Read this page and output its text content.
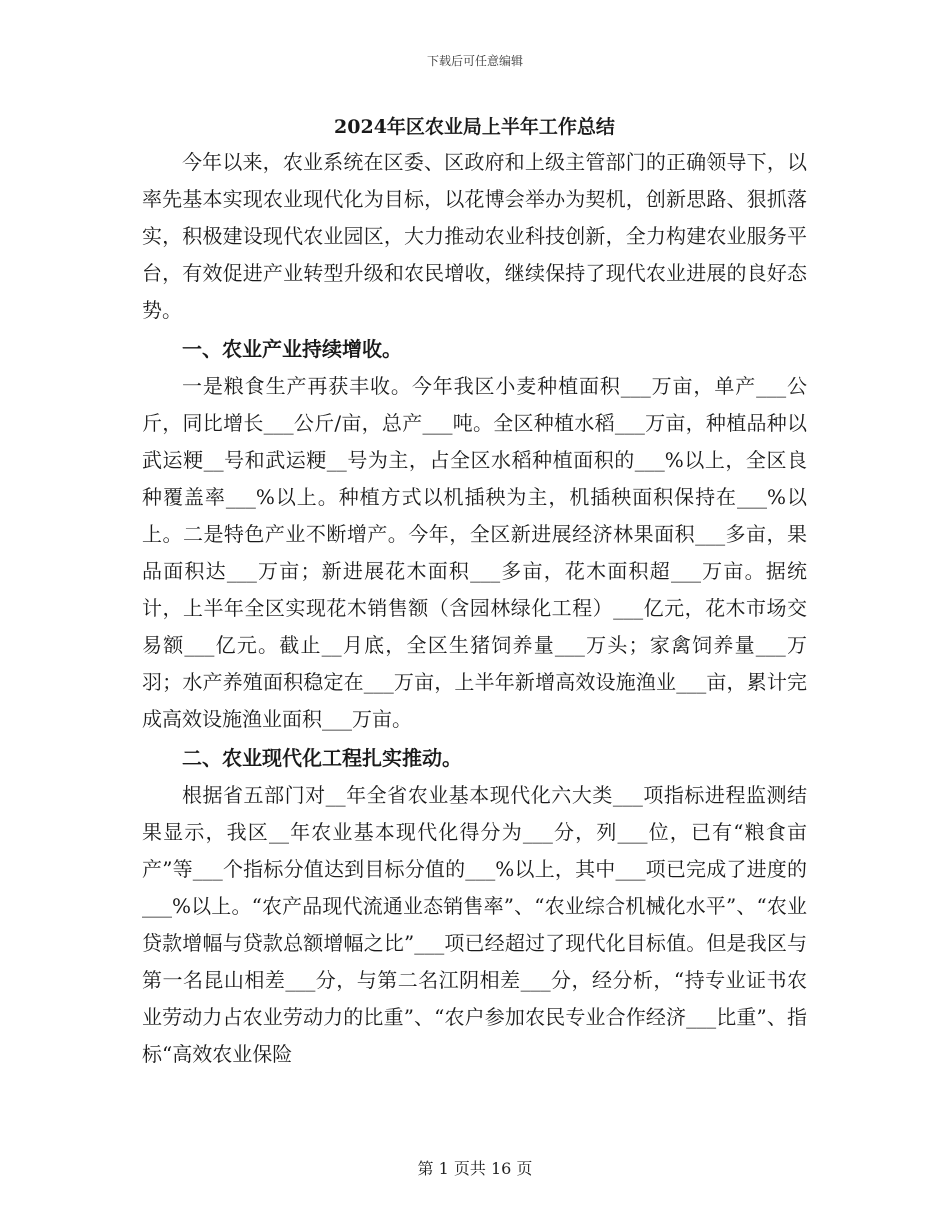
下载后可任意编辑
2024年区农业局上半年工作总结

今年以来，农业系统在区委、区政府和上级主管部门的正确领导下，以率先基本实现农业现代化为目标，以花博会举办为契机，创新思路、狠抓落实，积极建设现代农业园区，大力推动农业科技创新，全力构建农业服务平台，有效促进产业转型升级和农民增收，继续保持了现代农业进展的良好态势。

一、农业产业持续增收。

一是粮食生产再获丰收。今年我区小麦种植面积___万亩，单产___公斤，同比增长___公斤/亩，总产___吨。全区种植水稻___万亩，种植品种以武运粳__号和武运粳__号为主，占全区水稻种植面积的___%以上，全区良种覆盖率___%以上。种植方式以机插秧为主，机插秧面积保持在___%以上。二是特色产业不断增产。今年，全区新进展经济林果面积___多亩，果品面积达___万亩；新进展花木面积___多亩，花木面积超___万亩。据统计，上半年全区实现花木销售额（含园林绿化工程）___亿元，花木市场交易额___亿元。截止__月底，全区生猪饲养量___万头；家禽饲养量___万羽；水产养殖面积稳定在___万亩，上半年新增高效设施渔业___亩，累计完成高效设施渔业面积___万亩。

二、农业现代化工程扎实推动。

根据省五部门对__年全省农业基本现代化六大类___项指标进程监测结果显示，我区__年农业基本现代化得分为___分，列___位，已有“粮食亩产”等___个指标分值达到目标分值的___%以上，其中___项已完成了进度的___%以上。“农产品现代流通业态销售率”、“农业综合机械化水平”、“农业贷款增幅与贷款总额增幅之比”___项已经超过了现代化目标值。但是我区与第一名昆山相差___分，与第二名江阴相差___分，经分析，“持专业证书农业劳动力占农业劳动力的比重”、“农户参加农民专业合作经济___比重”、指标“高效农业保险

第 1 页共 16 页
